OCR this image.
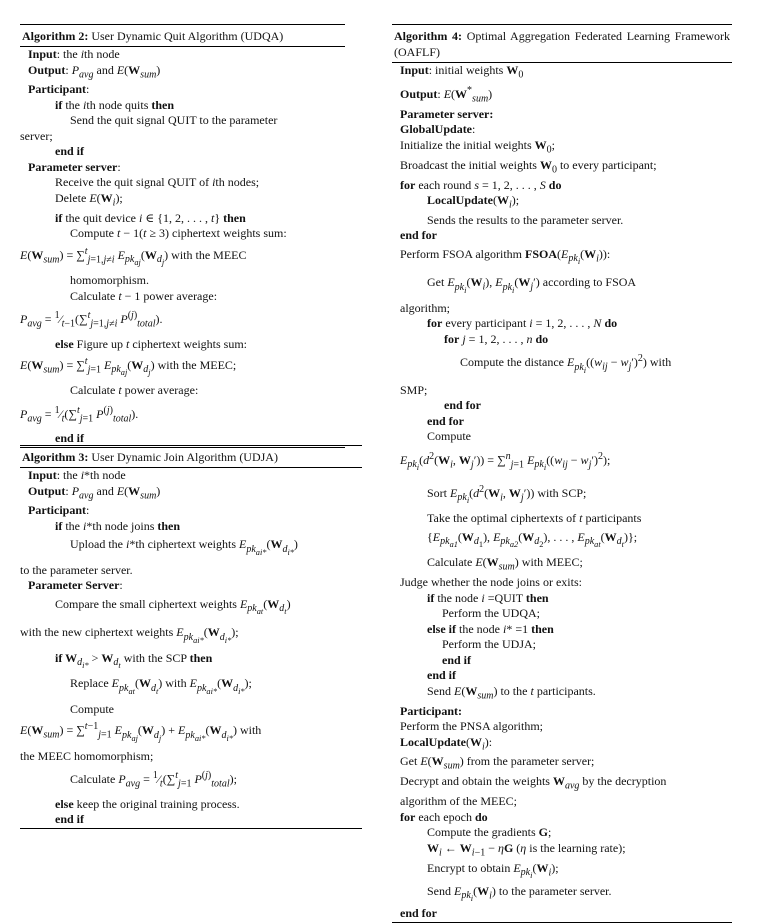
Algorithm 2: User Dynamic Quit Algorithm (UDQA)
Input: the ith node
Output: $P_{avg}$ and $E(W_{sum})$
Participant:
if the ith node quits then
Send the quit signal QUIT to the parameter
server;
end if
Parameter server:
Receive the quit signal QUIT of ith nodes;
Delete $E(W_i)$;
if the quit device i ∈ {1, 2, . . . , t} then
Compute t − 1(t ≥ 3) ciphertext weights sum:
$E(W_{sum}) = \sum^t_{j=1,j\ne i}$ $E_{pk_{aj}}(W_{d_j})$ with the MEEC
homomorphism.
Calculate t − 1 power average:
$P_{avg}$ = $^1⁄_{t-1}(\sum^t_{j=1,j\ne i}$ $P^{(j)}_{total}$).
else Figure up t ciphertext weights sum:
$E(W_{sum}) = \sum^t_{j=1}$ $E_{pk_{aj}}(W_{d_j})$ with the MEEC;
Calculate t power average:
$P_{avg}$ = $^1⁄_t(\sum^t_{j=1}$ $P^{(j)}_{total}$).
end if
Algorithm 3: User Dynamic Join Algorithm (UDJA)
Input: the i*th node
Output: $P_{avg}$ and $E(W_{sum})$
Participant:
if the i*th node joins then
Upload the i*th ciphertext weights $E_{pk_{ai*}}(W_{d_{i*}})$
to the parameter server.
Parameter Server:
Compare the small ciphertext weights $E_{pk_{at}}(W_{d_t})$
with the new ciphertext weights $E_{pk_{ai*}}(W_{d_{i*}})$;
if $W_{d_{i*}} > W_{d_t}$ with the SCP then
Replace $E_{pk_{at}}(W_{d_t})$ with $E_{pk_{ai*}}(W_{d_{i*}})$;
Compute
$E(W_{sum}) = \sum^{t-1}_{j=1}$ $E_{pk_{aj}}(W_{d_j}) + E_{pk_{ai*}}(W_{d_{i*}})$ with
the MEEC homomorphism;
Calculate $P_{avg}$ = $^1⁄_t(\sum^t_{j=1}$ $P^{(j)}_{total}$);
else keep the original training process.
end if
Algorithm 4: Optimal Aggregation Federated Learning Framework (OAFLF)
Input: initial weights $W_0$
Output: $E(W^*_{sum})$
Parameter server:
GlobalUpdate:
Initialize the initial weights $W_0$;
Broadcast the initial weights $W_0$ to every participant;
for each round s = 1, 2, . . . , S do
$LocalUpdate(W_i)$;
Sends the results to the parameter server.
end for
Perform FSOA algorithm $FSOA(E_{pk_i}(W_i))$:
Get $E_{pk_i}(W_i)$, $E_{pk_i}(W_j')$ according to FSOA
algorithm;
for every participant i = 1, 2, . . . , N do
for j = 1, 2, . . . , n do
Compute the distance $E_{pk_i}((w_{ij} - w_j')^2)$ with
SMP;
end for
end for
Compute
$E_{pk_i}(d^2(W_i$, $W_j')) = \sum^n_{j=1}$ $E_{pk_i}((w_{ij} - w_j')^2)$;
Sort $E_{pk_i}(d^2(W_i$, $W_j'$)) with SCP;
Take the optimal ciphertexts of t participants
{$E_{pk_{a1}}(W_{d_1})$, $E_{pk_{a2}}(W_{d_2})$, . . . , $E_{pk_{at}}(W_{d_t})$};
Calculate $E(W_{sum})$ with MEEC;
Judge whether the node joins or exits:
if the node i =QUIT then
Perform the UDQA;
else if the node i* =1 then
Perform the UDJA;
end if
end if
Send $E(W_{sum})$ to the t participants.
Participant:
Perform the PNSA algorithm;
$LocalUpdate(W_i)$:
Get $E(W_{sum})$ from the parameter server;
Decrypt and obtain the weights $W_{avg}$ by the decryption
algorithm of the MEEC;
for each epoch do
Compute the gradients G;
$W_i$ ← $W_{i-1} - \eta G$ (η is the learning rate);
Encrypt to obtain $E_{pk_i}(W_i)$;
Send $E_{pk_i}(W_i)$ to the parameter server.
end for
